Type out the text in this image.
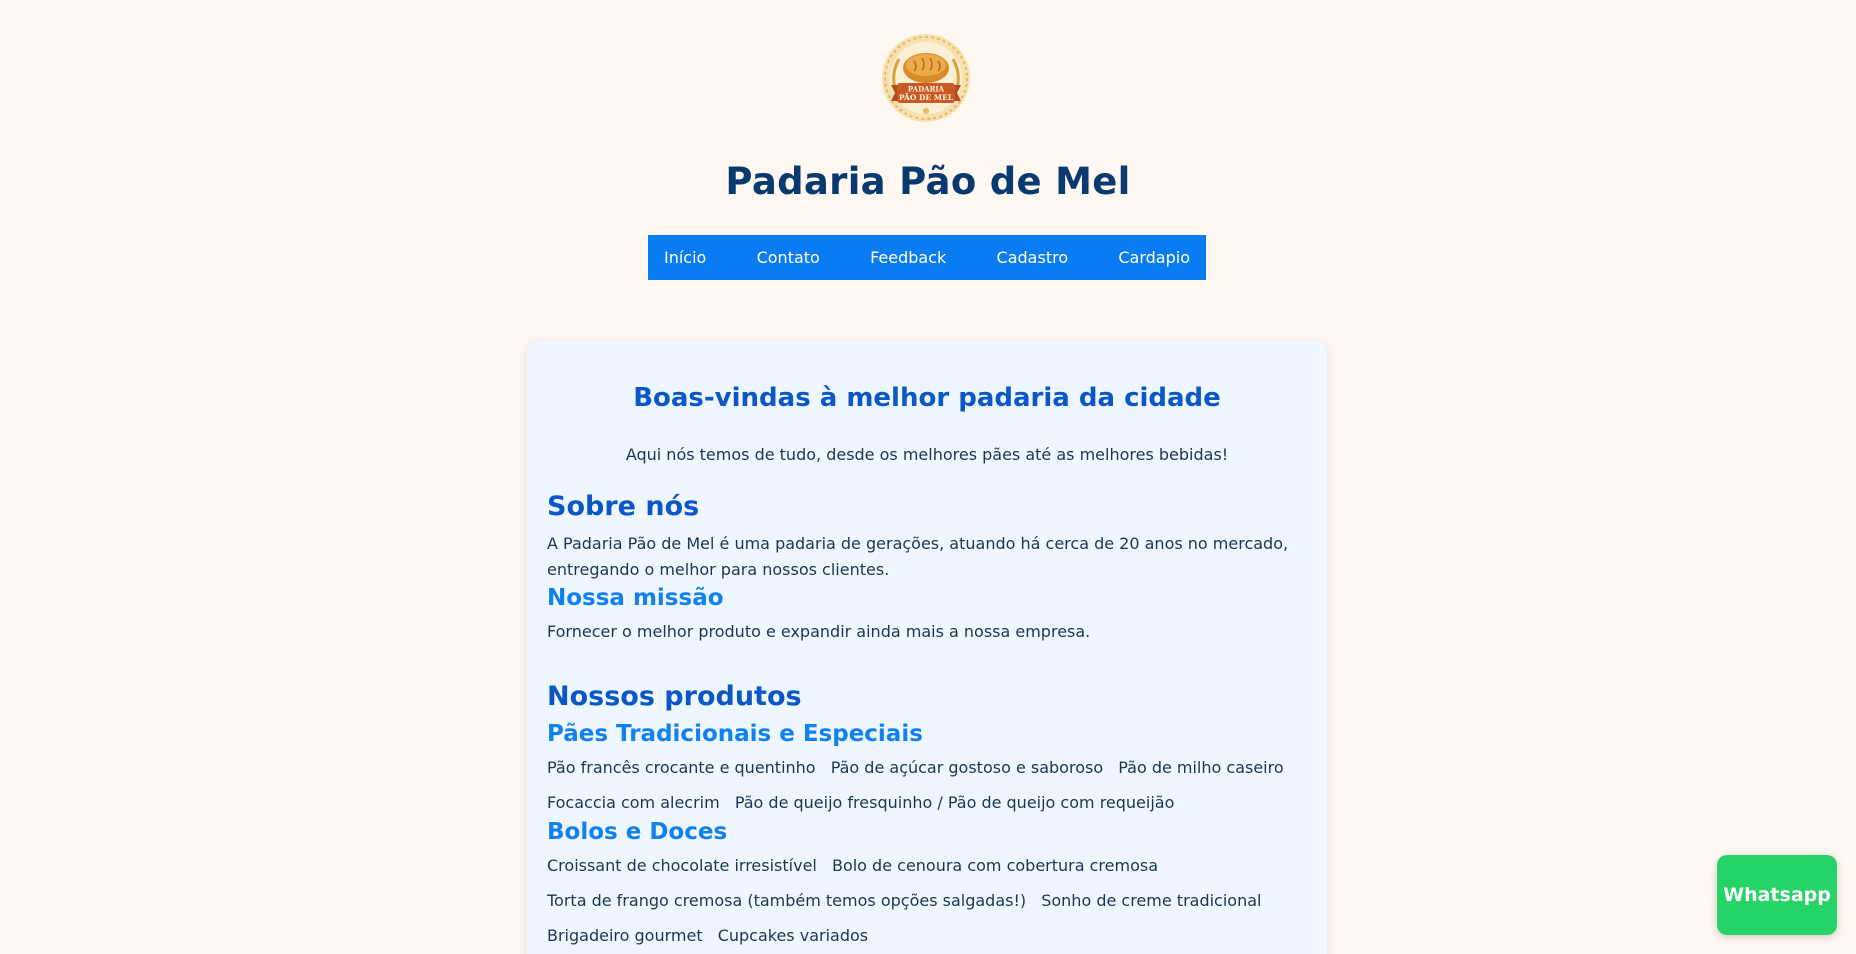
PADARIA
PÃO DE MEL
Padaria Pão de Mel
Início	Contato	Feedback	Cadastro	Cardapio
Boas-vindas à melhor padaria da cidade

Aqui nós temos de tudo, desde os melhores pães até as melhores bebidas!

Sobre nós

A Padaria Pão de Mel é uma padaria de gerações, atuando há cerca de 20 anos no mercado, entregando o melhor para nossos clientes.

Nossa missão

Fornecer o melhor produto e expandir ainda mais a nossa empresa.

Nossos produtos
Pães Tradicionais e Especiais
Pão francês crocante e quentinho Pão de açúcar gostoso e saboroso Pão de milho caseiro
Focaccia com alecrim Pão de queijo fresquinho / Pão de queijo com requeijão
Bolos e Doces
Croissant de chocolate irresistível Bolo de cenoura com cobertura cremosa
Torta de frango cremosa (também temos opções salgadas!) Sonho de creme tradicional
Brigadeiro gourmet Cupcakes variados
Whatsapp
